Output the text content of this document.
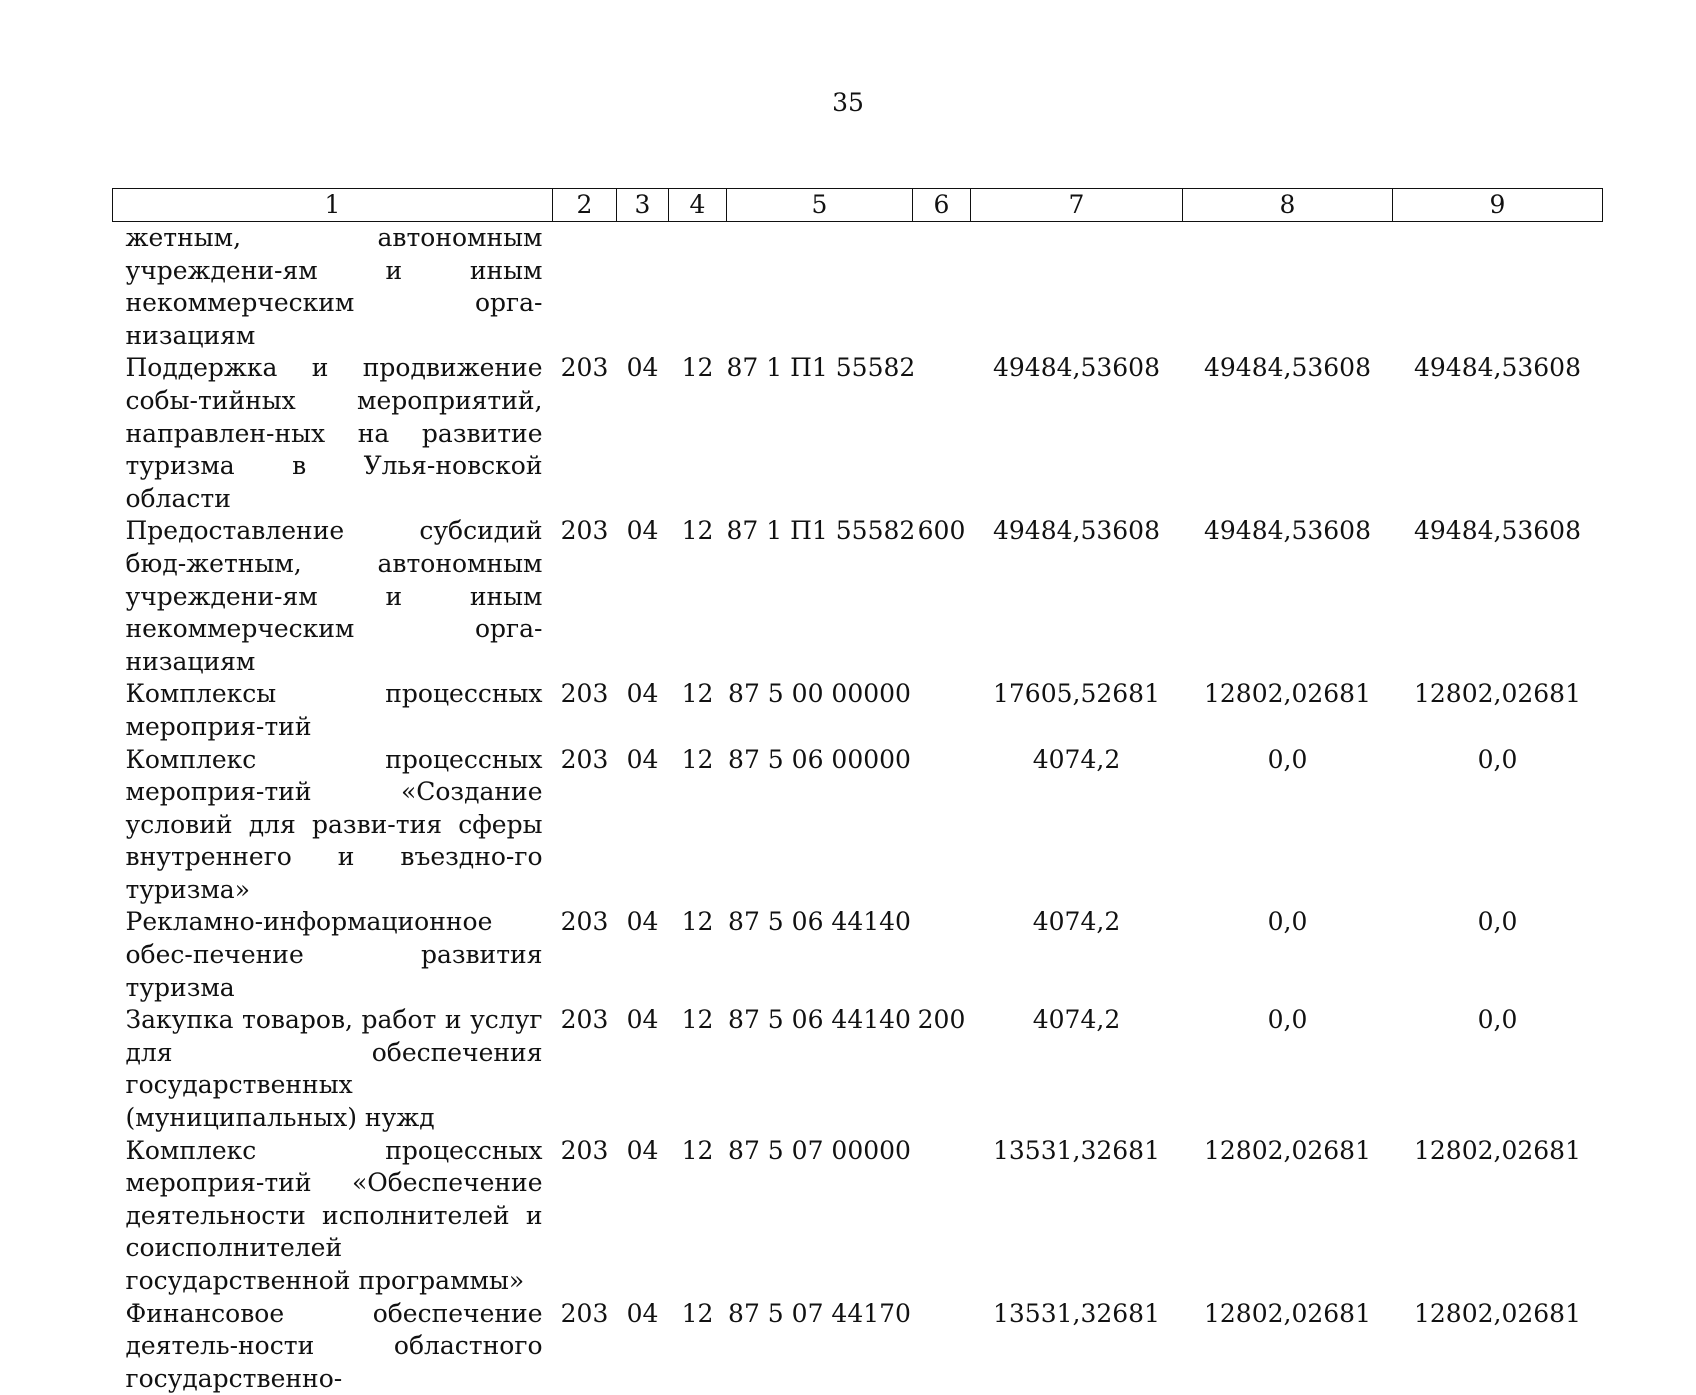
35
1	2	3	4	5	6	7	8	9
жетным, автономным учреждени-ям и иным некоммерческим орга-низациям								
Поддержка и продвижение собы-тийных мероприятий, направлен-ных на развитие туризма в Улья-новской области	203	04	12	87 1 П1 55582		49484,53608	49484,53608	49484,53608
Предоставление субсидий бюд-жетным, автономным учреждени-ям и иным некоммерческим орга-низациям	203	04	12	87 1 П1 55582	600	49484,53608	49484,53608	49484,53608
Комплексы процессных мероприя-тий	203	04	12	87 5 00 00000		17605,52681	12802,02681	12802,02681
Комплекс процессных мероприя-тий «Создание условий для разви-тия сферы внутреннего и въездно-го туризма»	203	04	12	87 5 06 00000		4074,2	0,0	0,0
Рекламно-информационное обес-печение развития туризма	203	04	12	87 5 06 44140		4074,2	0,0	0,0
Закупка товаров, работ и услуг для обеспечения государственных (муниципальных) нужд	203	04	12	87 5 06 44140	200	4074,2	0,0	0,0
Комплекс процессных мероприя-тий «Обеспечение деятельности исполнителей и соисполнителей государственной программы»	203	04	12	87 5 07 00000		13531,32681	12802,02681	12802,02681
Финансовое обеспечение деятель-ности областного государственно-	203	04	12	87 5 07 44170		13531,32681	12802,02681	12802,02681
